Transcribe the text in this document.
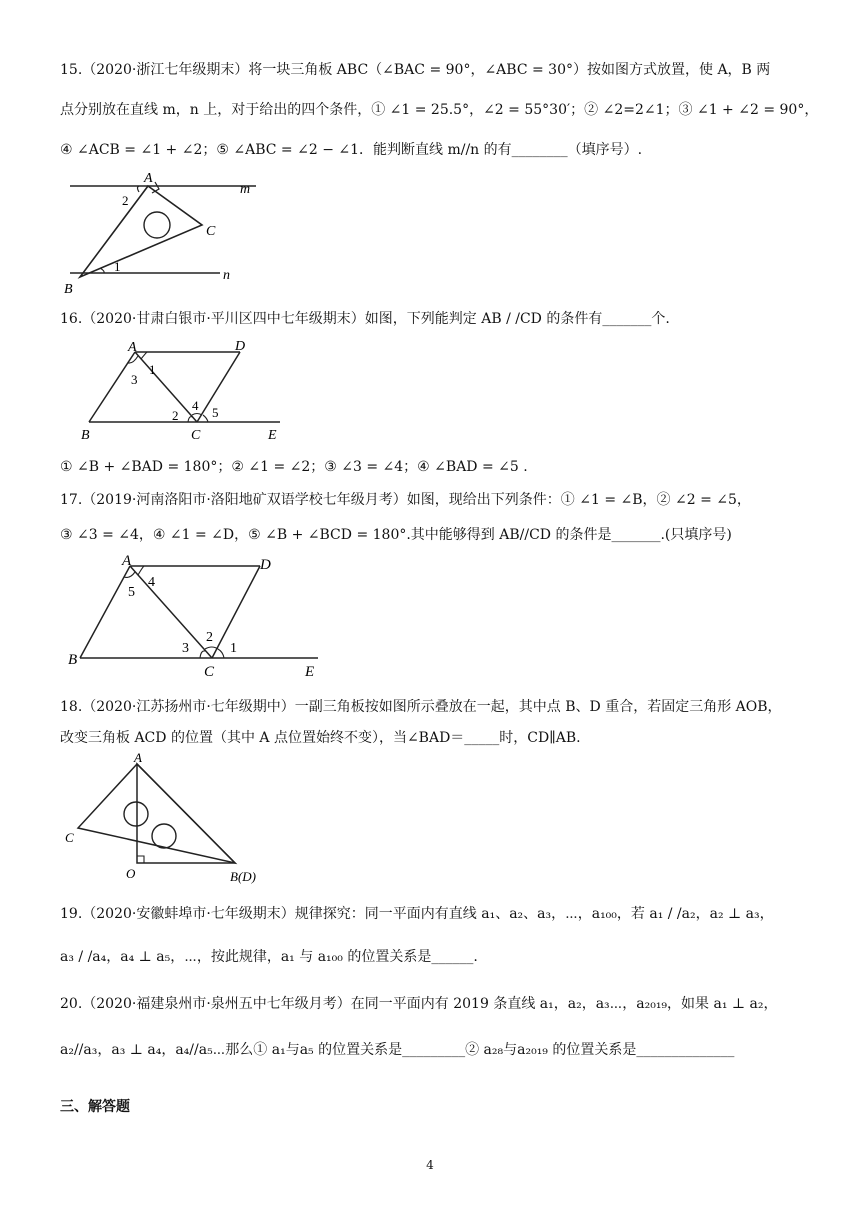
15.（2020·浙江七年级期末）将一块三角板 ABC（∠BAC = 90°，∠ABC = 30°）按如图方式放置，使 A，B 两
点分别放在直线 m，n 上，对于给出的四个条件，① ∠1 = 25.5°，∠2 = 55°30′；② ∠2=2∠1；③ ∠1 + ∠2 = 90°，
④ ∠ACB = ∠1 + ∠2；⑤ ∠ABC = ∠2 − ∠1．能判断直线 m//n 的有________（填序号）.
A
B
C
m
n
1
2
16.（2020·甘肃白银市·平川区四中七年级期末）如图，下列能判定 AB / /CD 的条件有_______个.
A	D
B	C	E
1
3
2
4 5
① ∠B + ∠BAD = 180°；② ∠1 = ∠2；③ ∠3 = ∠4；④ ∠BAD = ∠5 .
17.（2019·河南洛阳市·洛阳地矿双语学校七年级月考）如图，现给出下列条件：① ∠1 = ∠B，② ∠2 = ∠5，
③ ∠3 = ∠4，④ ∠1 = ∠D，⑤ ∠B + ∠BCD = 180°.其中能够得到 AB//CD 的条件是_______.(只填序号)
A	D
B
C	E
4
5
3
2
1
18.（2020·江苏扬州市·七年级期中）一副三角板按如图所示叠放在一起，其中点 B、D 重合，若固定三角形 AOB，
改变三角板 ACD 的位置（其中 A 点位置始终不变），当∠BAD＝_____时，CD∥AB.
A
C
O	B(D)
19.（2020·安徽蚌埠市·七年级期末）规律探究：同一平面内有直线 a₁、a₂、a₃，⋯，a₁₀₀，若 a₁ / /a₂，a₂ ⊥ a₃，
a₃ / /a₄，a₄ ⊥ a₅，⋯，按此规律，a₁ 与 a₁₀₀ 的位置关系是______.
20.（2020·福建泉州市·泉州五中七年级月考）在同一平面内有 2019 条直线 a₁，a₂，a₃⋯，a₂₀₁₉，如果 a₁ ⊥ a₂，
a₂//a₃，a₃ ⊥ a₄，a₄//a₅⋯那么① a₁与a₅ 的位置关系是_________② a₂₈与a₂₀₁₉ 的位置关系是______________
三、解答题
4
